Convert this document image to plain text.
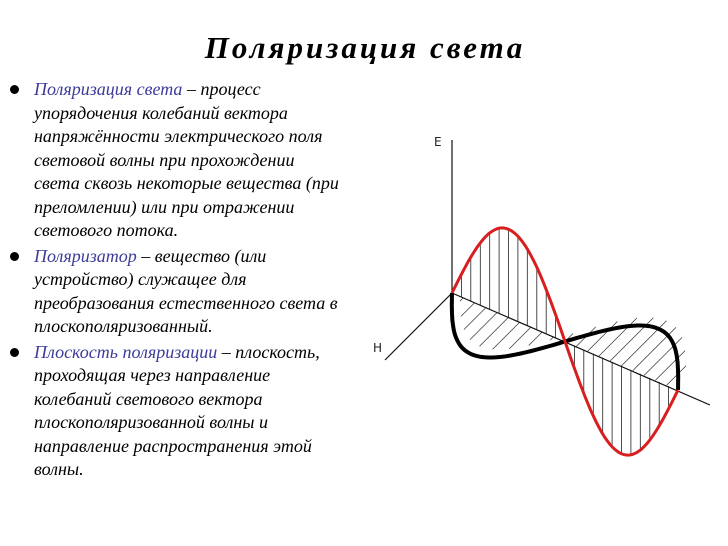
Поляризация света
Поляризация света – процесс
упорядочения колебаний вектора
напряжённости электрического поля
световой волны при прохождении
света сквозь некоторые вещества (при
преломлении) или при отражении
светового потока.
Поляризатор – вещество (или
устройство) служащее для
преобразования естественного света в
плоскополяризованный.
Плоскость поляризации – плоскость,
проходящая через направление
колебаний светового вектора
плоскополяризованной волны и
направление распространения этой
волны.
E
H
